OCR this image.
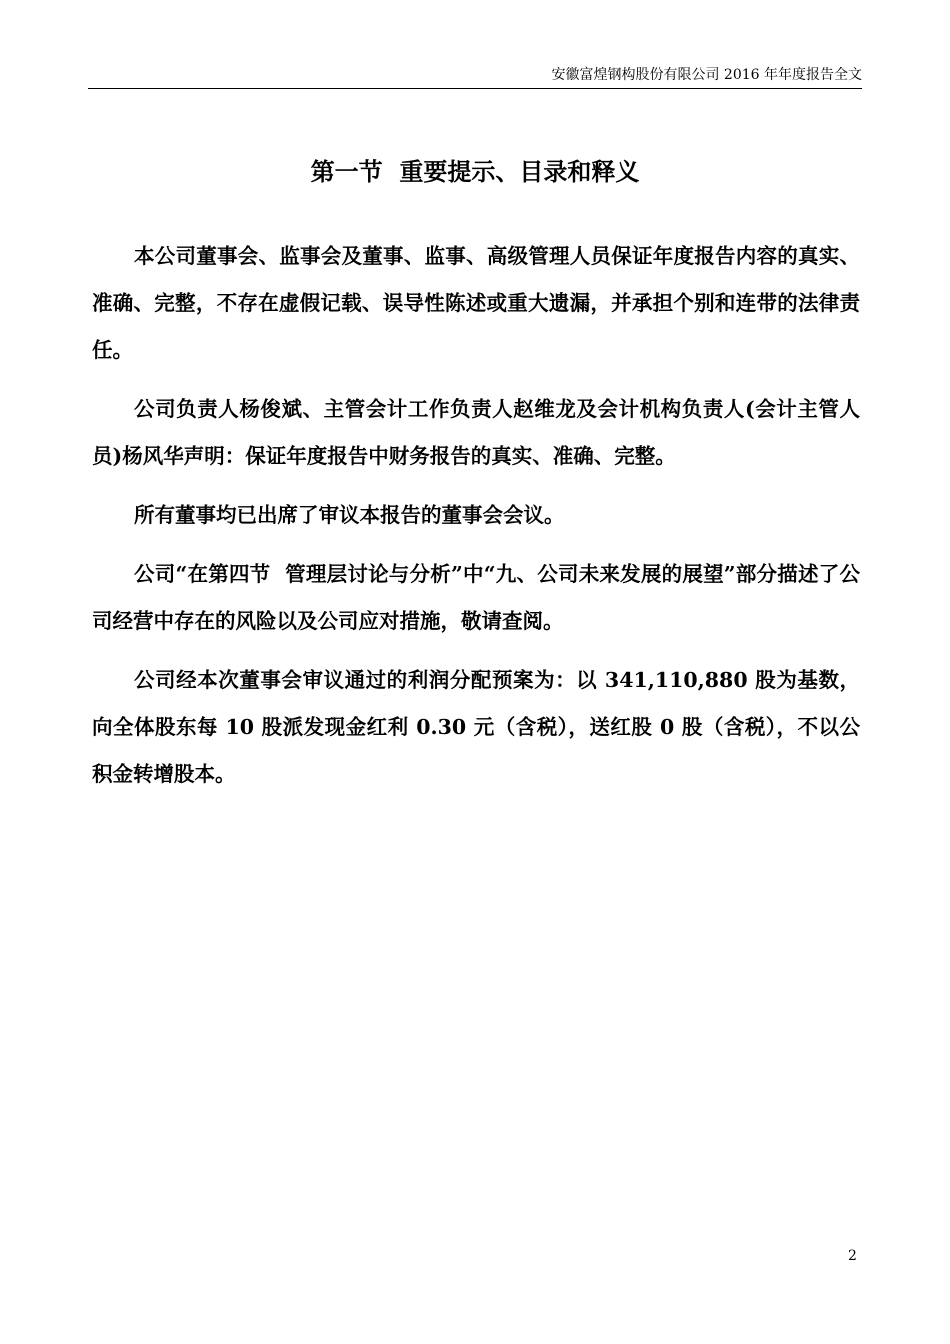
安徽富煌钢构股份有限公司 2016 年年度报告全文
第一节  重要提示、目录和释义

本公司董事会、监事会及董事、监事、高级管理人员保证年度报告内容的真实、准确、完整，不存在虚假记载、误导性陈述或重大遗漏，并承担个别和连带的法律责任。

公司负责人杨俊斌、主管会计工作负责人赵维龙及会计机构负责人(会计主管人员)杨风华声明：保证年度报告中财务报告的真实、准确、完整。

所有董事均已出席了审议本报告的董事会会议。

公司“在第四节  管理层讨论与分析”中“九、公司未来发展的展望”部分描述了公司经营中存在的风险以及公司应对措施，敬请查阅。

公司经本次董事会审议通过的利润分配预案为：以 341,110,880 股为基数，向全体股东每 10 股派发现金红利 0.30 元（含税），送红股 0 股（含税），不以公积金转增股本。

2
